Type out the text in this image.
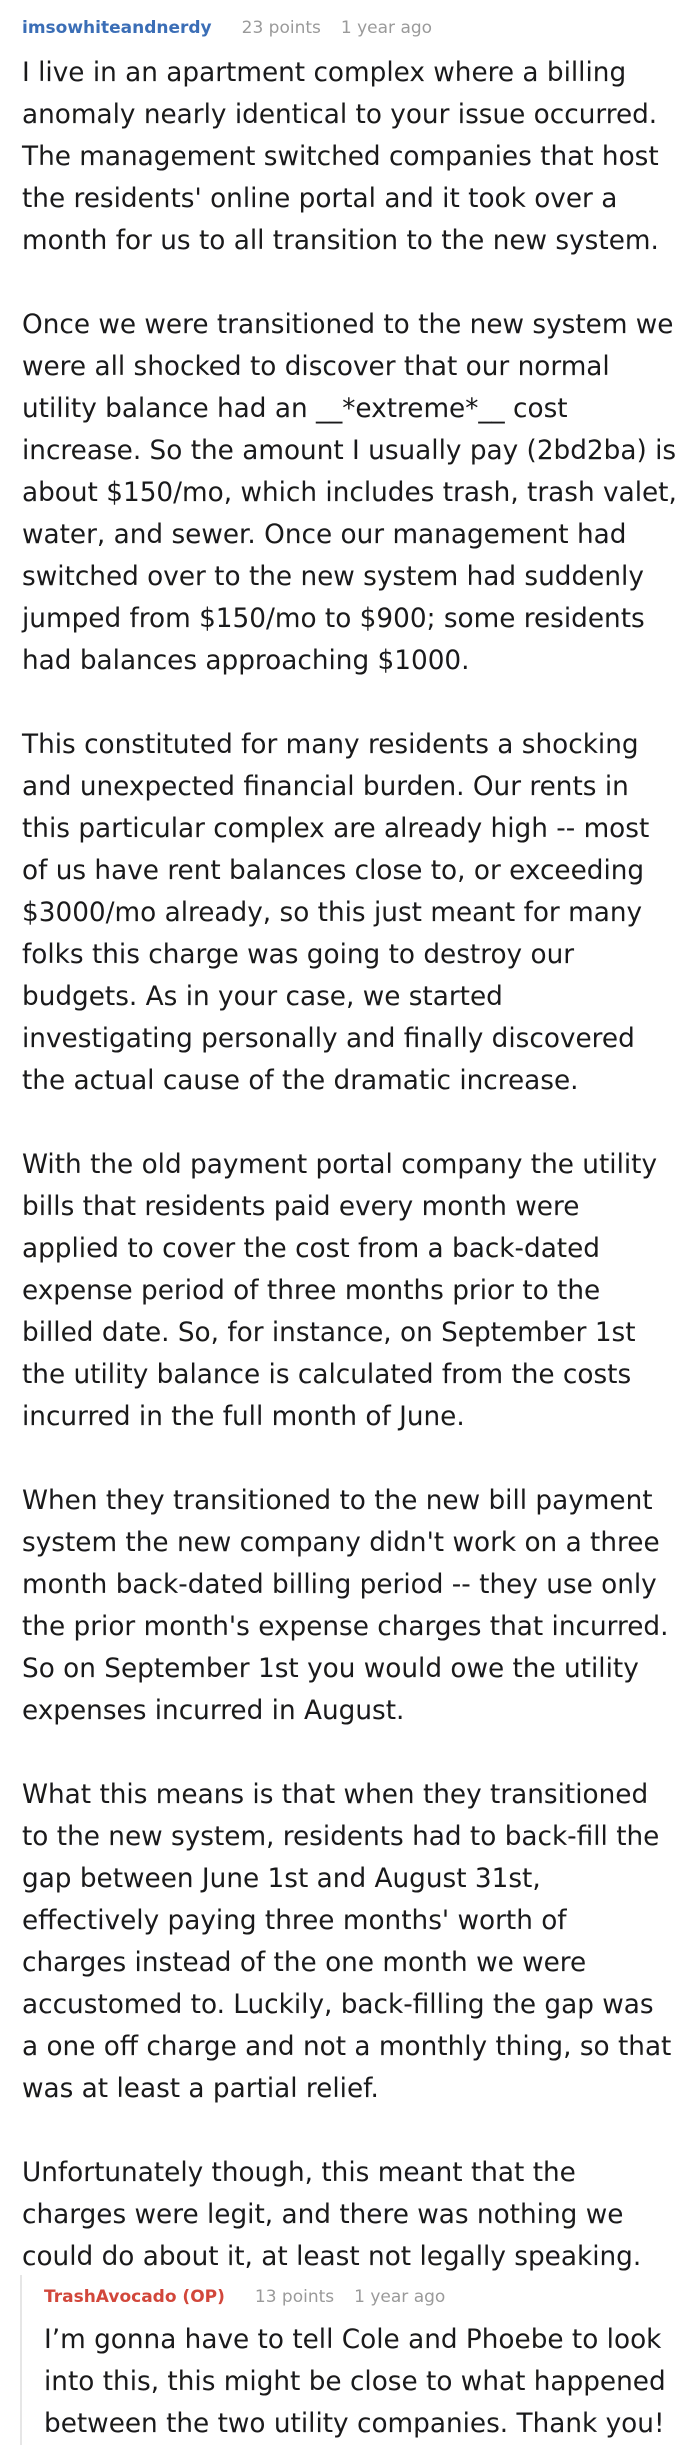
imsowhiteandnerdy 23 points 1 year ago

I live in an apartment complex where a billing anomaly nearly identical to your issue occurred. The management switched companies that host the residents' online portal and it took over a month for us to all transition to the new system.

Once we were transitioned to the new system we were all shocked to discover that our normal utility balance had an __*extreme*__ cost increase. So the amount I usually pay (2bd2ba) is about $150/mo, which includes trash, trash valet, water, and sewer. Once our management had switched over to the new system had suddenly jumped from $150/mo to $900; some residents had balances approaching $1000.

This constituted for many residents a shocking and unexpected financial burden. Our rents in this particular complex are already high -- most of us have rent balances close to, or exceeding $3000/mo already, so this just meant for many folks this charge was going to destroy our budgets. As in your case, we started investigating personally and finally discovered the actual cause of the dramatic increase.

With the old payment portal company the utility bills that residents paid every month were applied to cover the cost from a back-dated expense period of three months prior to the billed date. So, for instance, on September 1st the utility balance is calculated from the costs incurred in the full month of June.

When they transitioned to the new bill payment system the new company didn't work on a three month back-dated billing period -- they use only the prior month's expense charges that incurred. So on September 1st you would owe the utility expenses incurred in August.

What this means is that when they transitioned to the new system, residents had to back-fill the gap between June 1st and August 31st, effectively paying three months' worth of charges instead of the one month we were accustomed to. Luckily, back-filling the gap was a one off charge and not a monthly thing, so that was at least a partial relief.

Unfortunately though, this meant that the charges were legit, and there was nothing we could do about it, at least not legally speaking.

TrashAvocado (OP) 13 points 1 year ago

I’m gonna have to tell Cole and Phoebe to look into this, this might be close to what happened between the two utility companies. Thank you!
